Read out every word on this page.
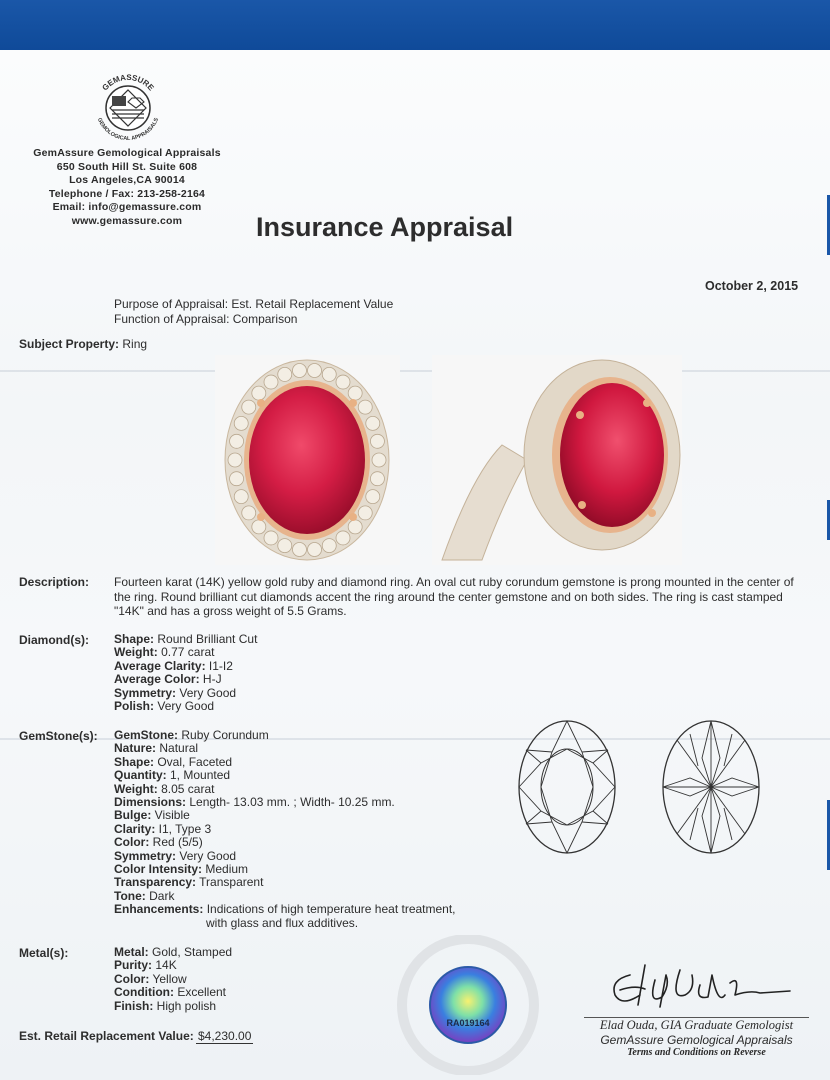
GEMASSURE
GEMOLOGICAL APPRAISALS
GemAssure Gemological Appraisals
650 South Hill St. Suite 608
Los Angeles,CA 90014
Telephone / Fax: 213-258-2164
Email: info@gemassure.com
www.gemassure.com	Insurance Appraisal
October 2, 2015
Purpose of Appraisal: Est. Retail Replacement Value
Function of Appraisal: Comparison
Subject Property: Ring
Description: Fourteen karat (14K) yellow gold ruby and diamond ring. An oval cut ruby corundum gemstone is prong mounted in the center of the ring. Round brilliant cut diamonds accent the ring around the center gemstone and on both sides. The ring is cast stamped "14K" and has a gross weight of 5.5 Grams.
Diamond(s): Shape: Round Brilliant Cut
Weight: 0.77 carat
Average Clarity: I1-I2
Average Color: H-J
Symmetry: Very Good
Polish: Very Good
GemStone(s): GemStone: Ruby Corundum
Nature: Natural
Shape: Oval, Faceted
Quantity: 1, Mounted
Weight: 8.05 carat
Dimensions: Length- 13.03 mm. ; Width- 10.25 mm.
Bulge: Visible
Clarity: I1, Type 3
Color: Red (5/5)
Symmetry: Very Good
Color Intensity: Medium
Transparency: Transparent
Tone: Dark
Enhancements: Indications of high temperature heat treatment,
with glass and flux additives.
Metal(s):	Metal: Gold, Stamped
Purity: 14K
Color: Yellow
Condition: Excellent
Finish: High polish
RA019164	Elad Ouda, GIA Graduate Gemologist
GemAssure Gemological Appraisals
Terms and Conditions on Reverse
Est. Retail Replacement Value: $4,230.00
